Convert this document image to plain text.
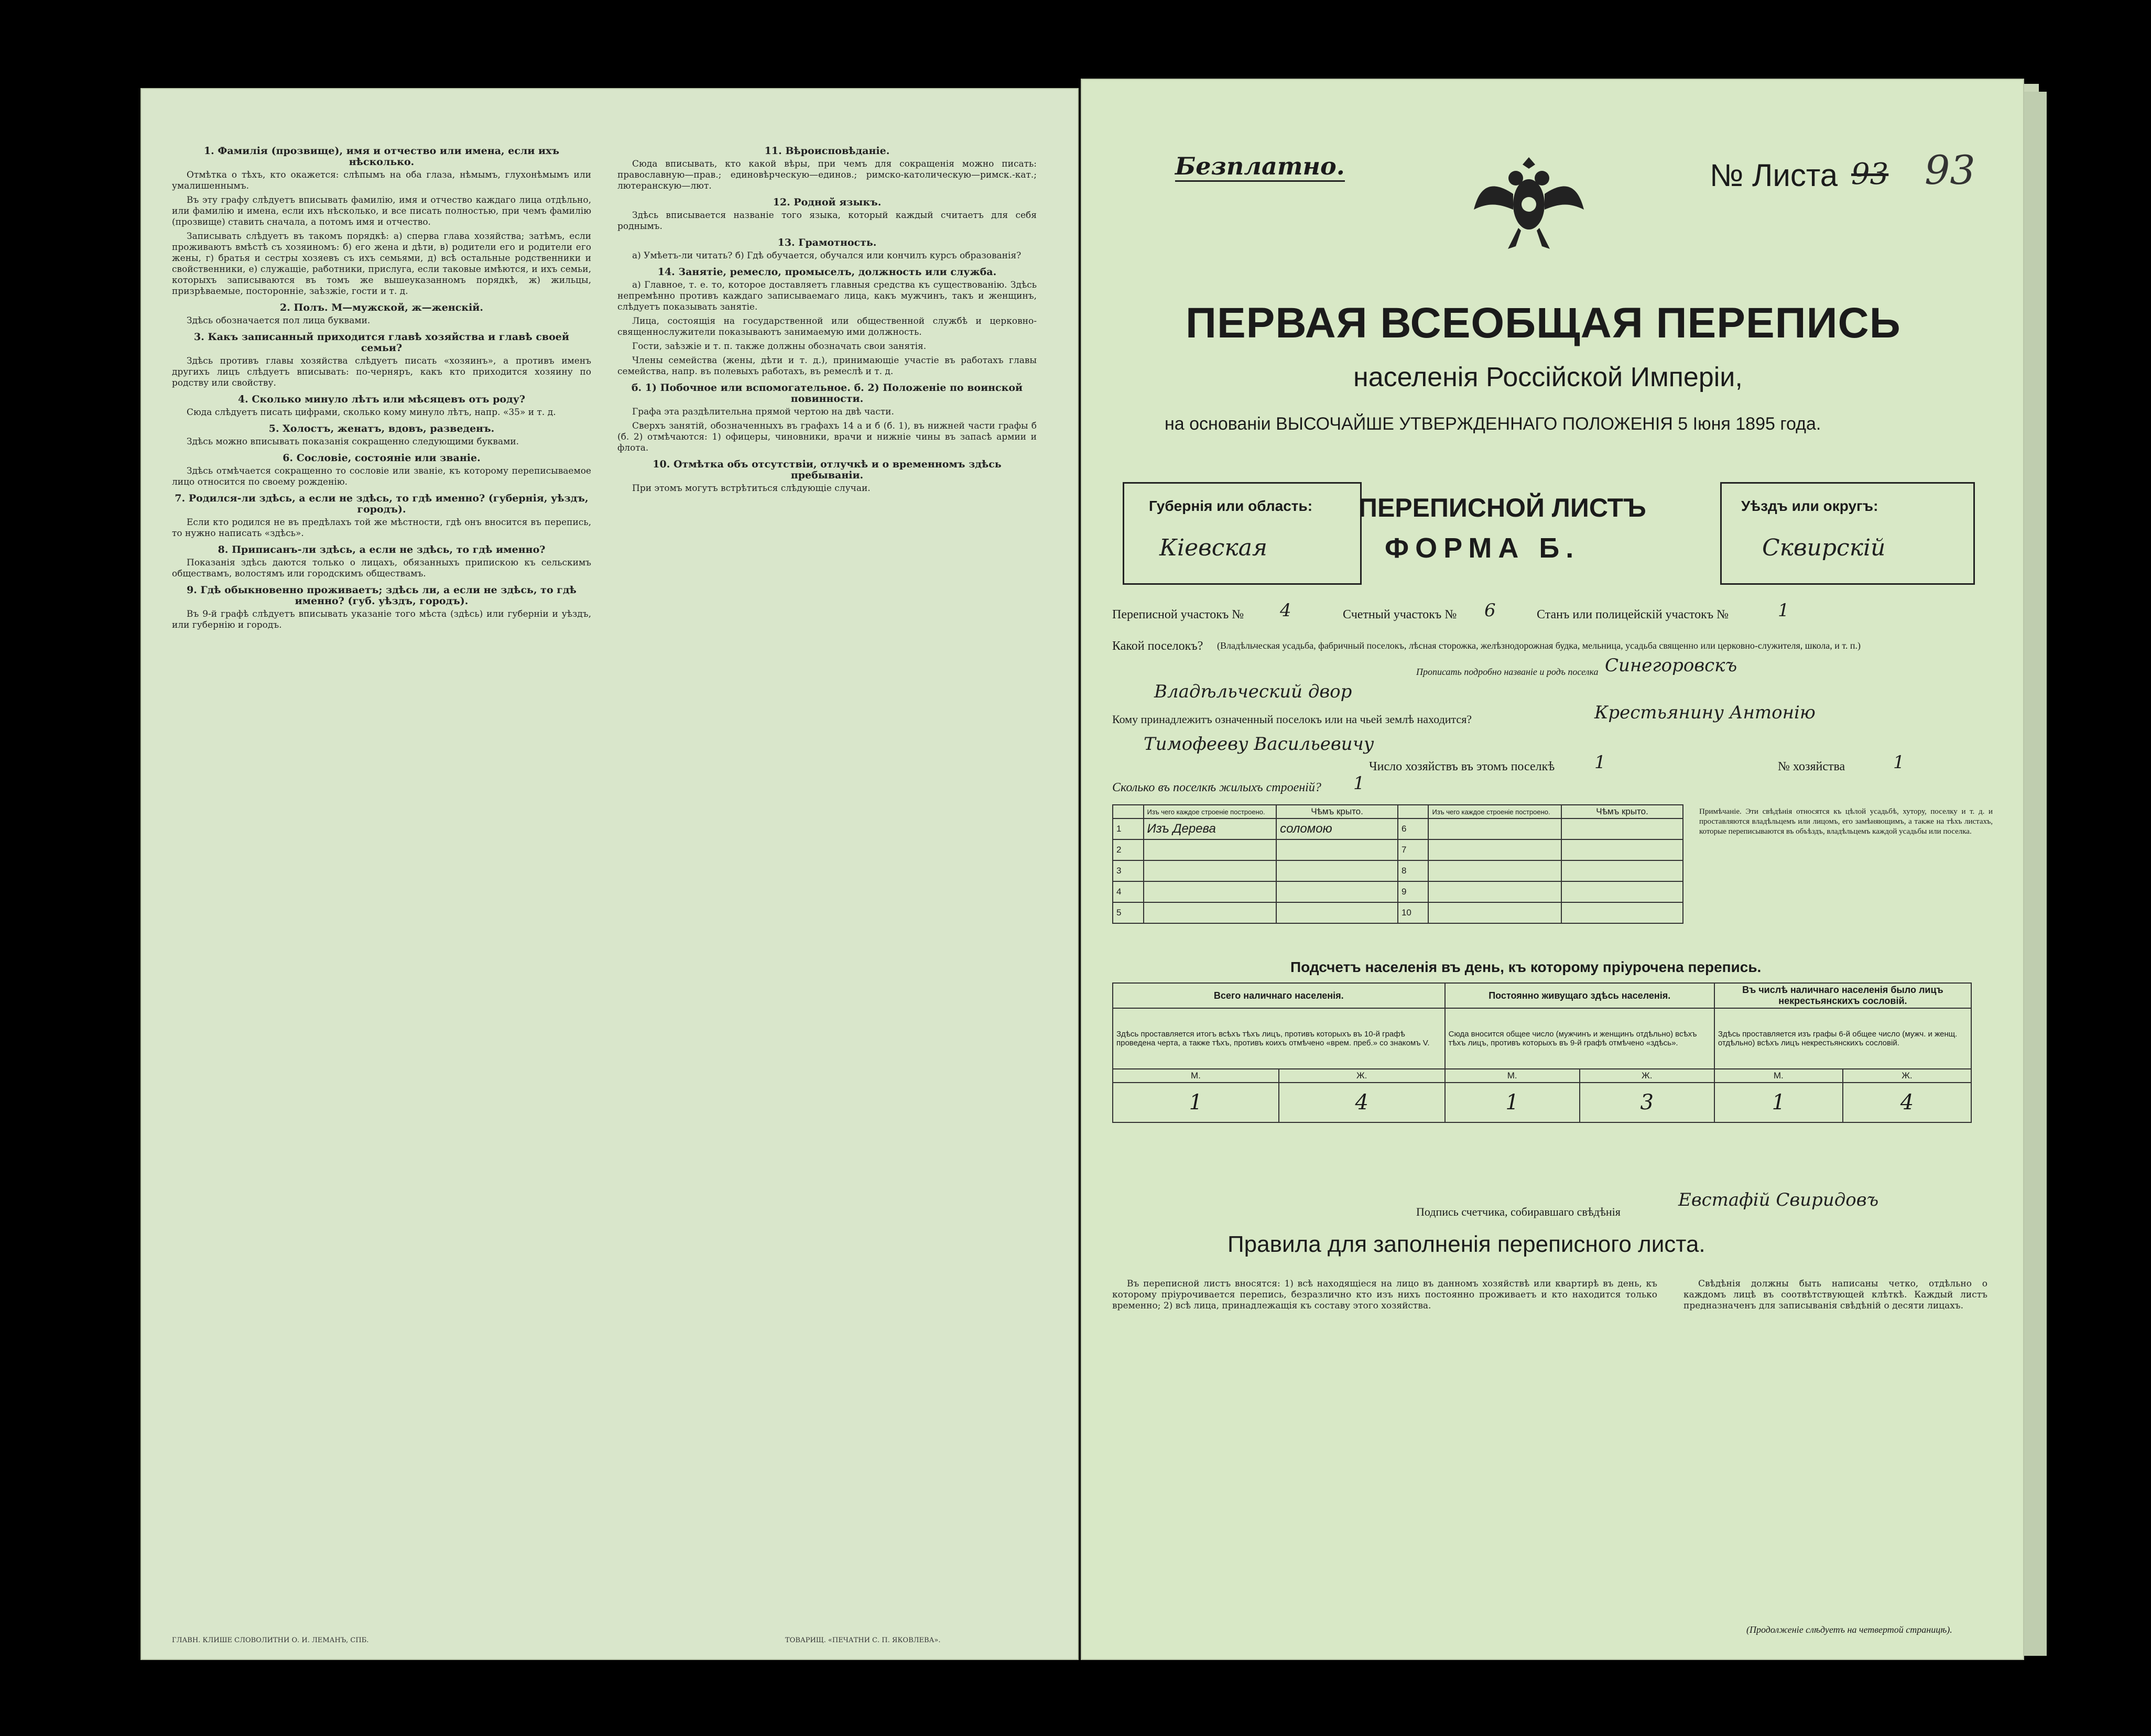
1. Фамилія (прозвище), имя и отчество или имена, если ихъ нѣсколько.

Отмѣтка о тѣхъ, кто окажется: слѣпымъ на оба глаза, нѣмымъ, глухонѣмымъ или умалишеннымъ.

Въ эту графу слѣдуетъ вписывать фамилію, имя и отчество каждаго лица отдѣльно, или фамилію и имена, если ихъ нѣсколько, и все писать полностью, при чемъ фамилію (прозвище) ставить сначала, а потомъ имя и отчество.

Записывать слѣдуетъ въ такомъ порядкѣ: а) сперва глава хозяйства; затѣмъ, если проживаютъ вмѣстѣ съ хозяиномъ: б) его жена и дѣти, в) родители его и родители его жены, г) братья и сестры хозяевъ съ ихъ семьями, д) всѣ остальные родственники и свойственники, е) служащіе, работники, прислуга, если таковые имѣются, и ихъ семьи, которыхъ записываются въ томъ же вышеуказанномъ порядкѣ, ж) жильцы, призрѣваемые, посторонніе, заѣзжіе, гости и т. д.

2. Полъ. М—мужской, ж—женскій.

Здѣсь обозначается пол лица буквами.

3. Какъ записанный приходится главѣ хозяйства и главѣ своей семьи?

Здѣсь противъ главы хозяйства слѣдуетъ писать «хозяинъ», а противъ именъ другихъ лицъ слѣдуетъ вписывать: по-черняръ, какъ кто приходится хозяину по родству или свойству.

4. Сколько минуло лѣтъ или мѣсяцевъ отъ роду?

Сюда слѣдуетъ писать цифрами, сколько кому минуло лѣтъ, напр. «35» и т. д.

5. Холостъ, женатъ, вдовъ, разведенъ.

Здѣсь можно вписывать показанія сокращенно следующими буквами.

6. Сословіе, состояніе или званіе.

Здѣсь отмѣчается сокращенно то сословіе или званіе, къ которому переписываемое лицо относится по своему рожденію.

7. Родился-ли здѣсь, а если не здѣсь, то гдѣ именно? (губернія, уѣздъ, городъ).

Если кто родился не въ предѣлахъ той же мѣстности, гдѣ онъ вносится въ перепись, то нужно написать «здѣсь».

8. Приписанъ-ли здѣсь, а если не здѣсь, то гдѣ именно?

Показанія здѣсь даются только о лицахъ, обязанныхъ припискою къ сельскимъ обществамъ, волостямъ или городскимъ обществамъ.

9. Гдѣ обыкновенно проживаетъ; здѣсь ли, а если не здѣсь, то гдѣ именно? (губ. уѣздъ, городъ).

Въ 9-й графѣ слѣдуетъ вписывать указаніе того мѣста (здѣсь) или губерніи и уѣздъ, или губернію и городъ.

11. Вѣроисповѣданіе.

Сюда вписывать, кто какой вѣры, при чемъ для сокращенія можно писать: православную—прав.; единовѣрческую—единов.; римско-католическую—римск.-кат.; лютеранскую—лют.

12. Родной языкъ.

Здѣсь вписывается названіе того языка, который каждый считаетъ для себя роднымъ.

13. Грамотность.

а) Умѣетъ-ли читать? б) Гдѣ обучается, обучался или кончилъ курсъ образованія?

14. Занятіе, ремесло, промыселъ, должность или служба.

а) Главное, т. е. то, которое доставляетъ главныя средства къ существованію. Здѣсь непремѣнно противъ каждаго записываемаго лица, какъ мужчинъ, такъ и женщинъ, слѣдуетъ показывать занятіе.

Лица, состоящія на государственной или общественной службѣ и церковно-священнослужители показываютъ занимаемую ими должность.

Гости, заѣзжіе и т. п. также должны обозначать свои занятія.

Члены семейства (жены, дѣти и т. д.), принимающіе участіе въ работахъ главы семейства, напр. въ полевыхъ работахъ, въ ремеслѣ и т. д.

б. 1) Побочное или вспомогательное. б. 2) Положеніе по воинской повинности.

Графа эта раздѣлительна прямой чертою на двѣ части.

Сверхъ занятій, обозначенныхъ въ графахъ 14 а и б (б. 1), въ нижней части графы б (б. 2) отмѣчаются: 1) офицеры, чиновники, врачи и нижніе чины въ запасѣ армии и флота.

10. Отмѣтка объ отсутствіи, отлучкѣ и о временномъ здѣсь пребываніи.

При этомъ могутъ встрѣтиться слѣдующіе случаи.

ГЛАВН. КЛИШЕ СЛОВОЛИТНИ О. И. ЛЕМАНЪ, СПБ.	ТОВАРИЩ. «ПЕЧАТНИ С. П. ЯКОВЛЕВА».
Безплатно.	№ Листа 93 93
ПЕРВАЯ ВСЕОБЩАЯ ПЕРЕПИСЬ
населенія Россійской Имперіи,
на основаніи ВЫСОЧАЙШЕ УТВЕРЖДЕННАГО ПОЛОЖЕНІЯ 5 Іюня 1895 года.
Губернія или область:
Кіевская
ПЕРЕПИСНОЙ ЛИСТЪ
ФОРМА Б.
Уѣздъ или округъ:
Сквирскій
Переписной участокъ № 4	Счетный участокъ № 6	Станъ или полицейскій участокъ №	1
Какой поселокъ? (Владѣльческая усадьба, фабричный поселокъ, лѣсная сторожка, желѣзнодорожная будка, мельница, усадьба священно или церковно-служителя, школа, и т. п.)
Прописать подробно названіе и родъ поселка Синегоровскъ
Владѣльческий двор
Кому принадлежитъ означенный поселокъ или на чьей землѣ находится?	Крестьянину Антонію
Тимофееву Васильевичу
Число хозяйствъ въ этомъ поселкѣ 1	№ хозяйства	1
Сколько въ поселкѣ жилыхъ строеній? 1
	Изъ чего каждое строеніе построено.	Чѣмъ крыто.		Изъ чего каждое строеніе построено.	Чѣмъ крыто.
1	Изъ Дерева	соломою	6		
2			7		
3			8		
4			9		
5			10		
Примѣчаніе. Эти свѣдѣнія относятся къ цѣлой усадьбѣ, хутору, поселку и т. д. и проставляются владѣльцемъ или лицомъ, его замѣняющимъ, а также на тѣхъ листахъ, которые переписываются въ объѣздъ, владѣльцемъ каждой усадьбы или поселка.
Подсчетъ населенія въ день, къ которому пріурочена перепись.
Всего наличнаго населенія.		Постоянно живущаго здѣсь населенія.		Въ числѣ наличнаго населенія было лицъ некрестьянскихъ сословій.	
Здѣсь проставляется итогъ всѣхъ тѣхъ лицъ, противъ которыхъ въ 10-й графѣ проведена черта, а также тѣхъ, противъ коихъ отмѣчено «врем. преб.» со знакомъ V.		Сюда вносится общее число (мужчинъ и женщинъ отдѣльно) всѣхъ тѣхъ лицъ, противъ которыхъ въ 9-й графѣ отмѣчено «здѣсь».		Здѣсь проставляется изъ графы 6-й общее число (мужч. и женщ. отдѣльно) всѣхъ лицъ некрестьянскихъ сословій.	
М.	Ж.	М.	Ж.	М.	Ж.
1	4	1	3	1	4
Подпись счетчика, собиравшаго свѣдѣнія
Евстафій Свиридовъ
Правила для заполненія переписного листа.

Въ переписной листъ вносятся: 1) всѣ находящіеся на лицо въ данномъ хозяйствѣ или квартирѣ въ день, къ которому пріурочивается перепись, безразлично кто изъ нихъ постоянно проживаетъ и кто находится только временно; 2) всѣ лица, принадлежащія къ составу этого хозяйства.

Свѣдѣнія должны быть написаны четко, отдѣльно о каждомъ лицѣ въ соотвѣтствующей клѣткѣ. Каждый листъ предназначенъ для записыванія свѣдѣній о десяти лицахъ.

(Продолженіе слѣдуетъ на четвертой страницѣ).
